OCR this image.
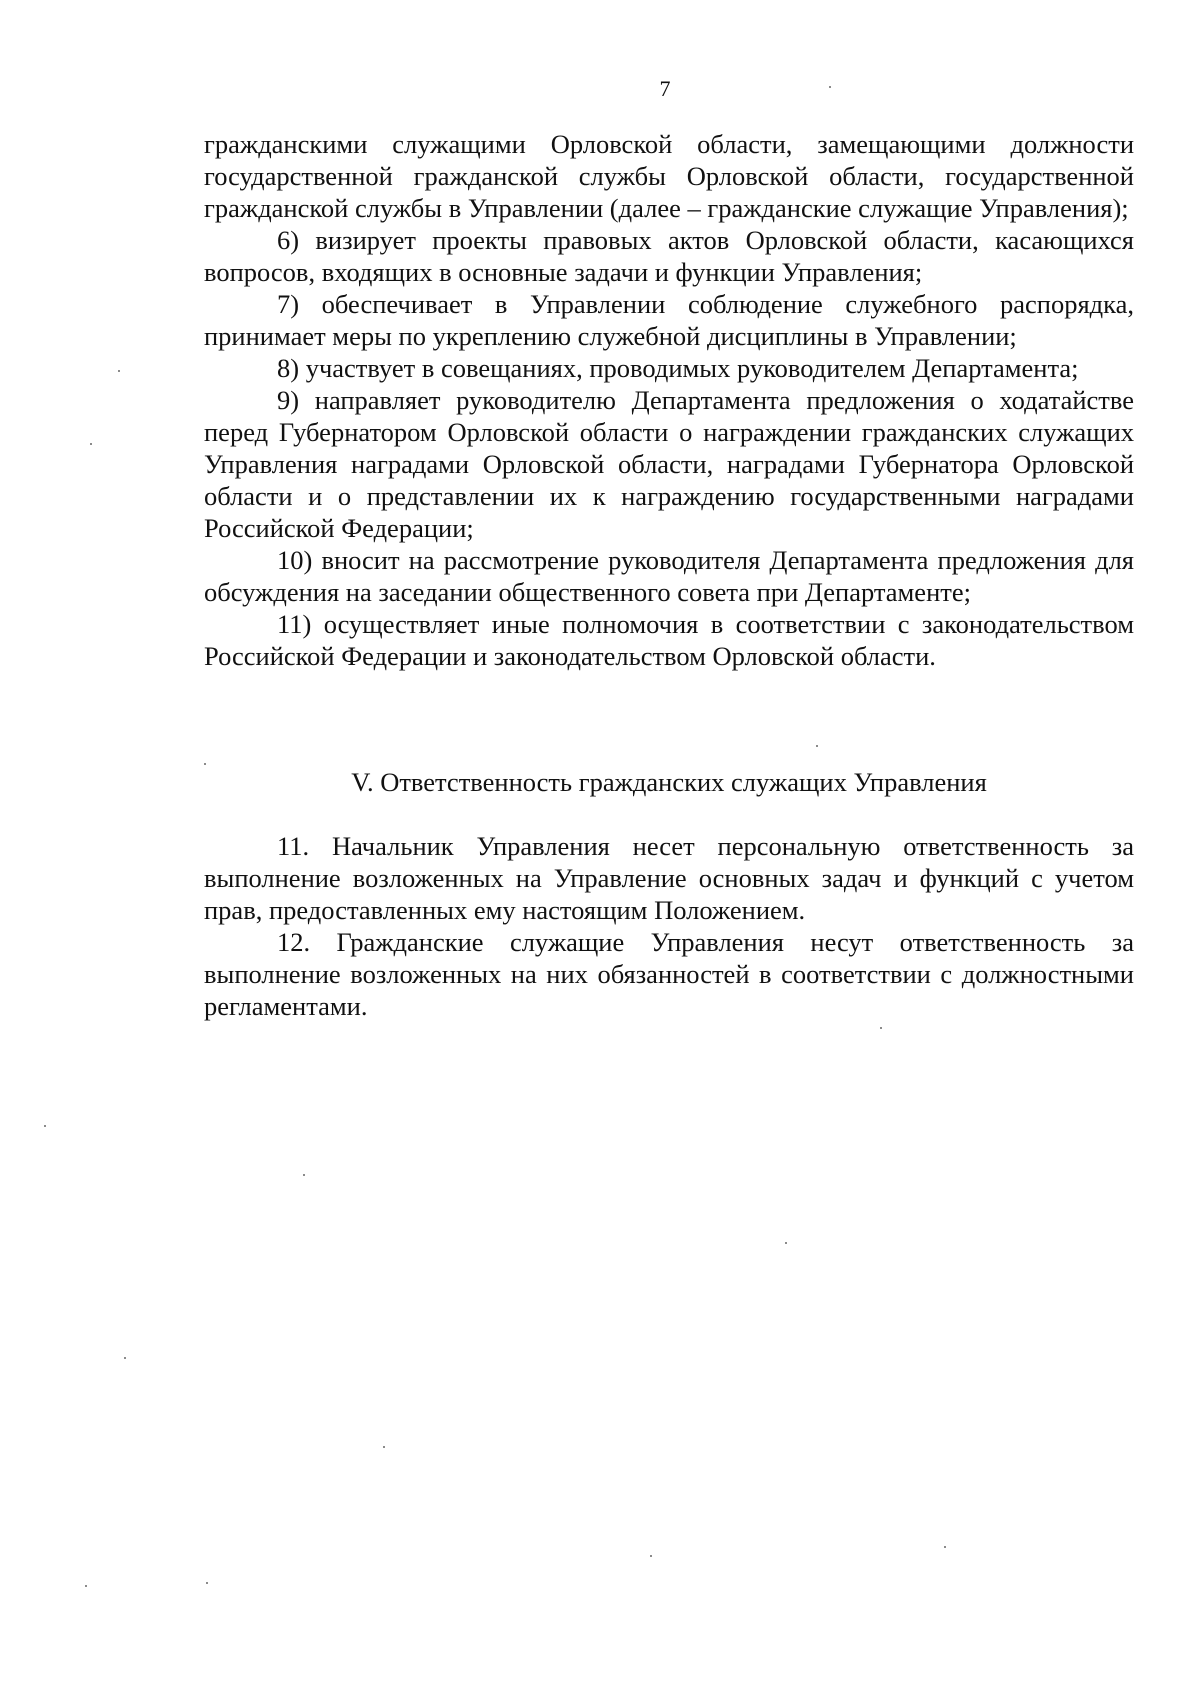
7

гражданскими служащими Орловской области, замещающими должности государственной гражданской службы Орловской области, государственной гражданской службы в Управлении (далее – гражданские служащие Управления);

6) визирует проекты правовых актов Орловской области, касающихся вопросов, входящих в основные задачи и функции Управления;

7) обеспечивает в Управлении соблюдение служебного распорядка, принимает меры по укреплению служебной дисциплины в Управлении;

8) участвует в совещаниях, проводимых руководителем Департамента;

9) направляет руководителю Департамента предложения о ходатайстве перед Губернатором Орловской области о награждении гражданских служащих Управления наградами Орловской области, наградами Губернатора Орловской области и о представлении их к награждению государственными наградами Российской Федерации;

10) вносит на рассмотрение руководителя Департамента предложения для обсуждения на заседании общественного совета при Департаменте;

11) осуществляет иные полномочия в соответствии с законодательством Российской Федерации и законодательством Орловской области.

V. Ответственность гражданских служащих Управления

11. Начальник Управления несет персональную ответственность за выполнение возложенных на Управление основных задач и функций с учетом прав, предоставленных ему настоящим Положением.

12. Гражданские служащие Управления несут ответственность за выполнение возложенных на них обязанностей в соответствии с должностными регламентами.
